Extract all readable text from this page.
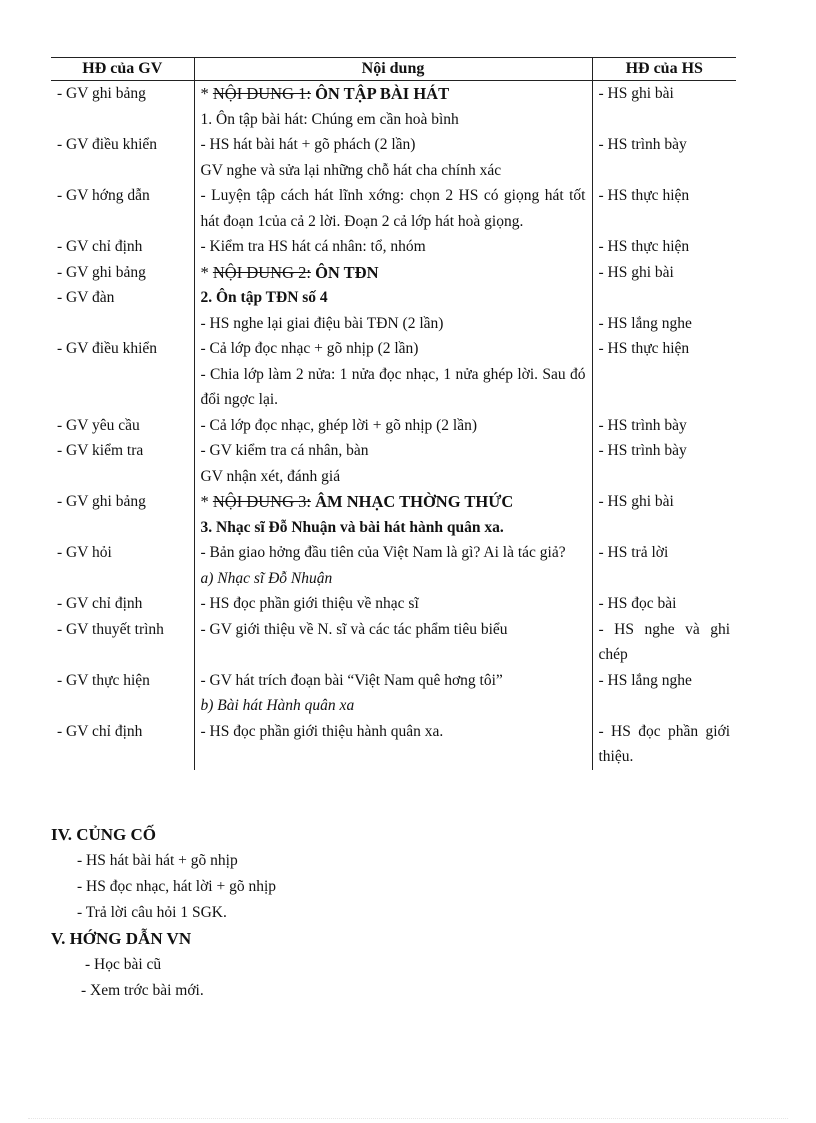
HĐ của GV	Nội dung	HĐ của HS
- GV ghi bảng	* NỘI DUNG 1: ÔN TẬP BÀI HÁT	- HS ghi bài
	1. Ôn tập bài hát: Chúng em cần hoà bình	
- GV điều khiển	- HS hát bài hát + gõ phách (2 lần)	- HS trình bày
	GV nghe và sửa lại những chỗ hát cha chính xác	
- GV hớng dẫn	- Luyện tập cách hát lĩnh xớng: chọn 2 HS có giọng hát tốt hát đoạn 1của cả 2 lời. Đoạn 2 cả lớp hát hoà giọng.	- HS thực hiện
- GV chỉ định	- Kiểm tra HS hát cá nhân: tổ, nhóm	- HS thực hiện
- GV ghi bảng	* NỘI DUNG 2: ÔN TĐN	- HS ghi bài
- GV đàn	2. Ôn tập TĐN số 4	
	- HS nghe lại giai điệu bài TĐN (2 lần)	- HS lắng nghe
- GV điều khiển	- Cả lớp đọc nhạc + gõ nhịp (2 lần)	- HS thực hiện
	- Chia lớp làm 2 nửa: 1 nửa đọc nhạc, 1 nửa ghép lời. Sau đó đổi ngợc lại.	
- GV yêu cầu	- Cả lớp đọc nhạc, ghép lời + gõ nhịp (2 lần)	- HS trình bày
- GV kiểm tra	- GV kiểm tra cá nhân, bàn	- HS trình bày
	GV nhận xét, đánh giá	
- GV ghi bảng	* NỘI DUNG 3: ÂM NHẠC THỜNG THỨC	- HS ghi bài
	3. Nhạc sĩ Đỗ Nhuận và bài hát hành quân xa.	
- GV hỏi	- Bản giao hởng đầu tiên của Việt Nam là gì? Ai là tác giả?	- HS trả lời
	a) Nhạc sĩ Đỗ Nhuận	
- GV chỉ định	- HS đọc phần giới thiệu về nhạc sĩ	- HS đọc bài
- GV thuyết trình	- GV giới thiệu về N. sĩ và các tác phẩm tiêu biểu	- HS nghe và ghi chép
- GV thực hiện	- GV hát trích đoạn bài “Việt Nam quê hơng tôi”	- HS lắng nghe
	b) Bài hát Hành quân xa	
- GV chỉ định	- HS đọc phần giới thiệu hành quân xa.	- HS đọc phần giới thiệu.
IV. CỦNG CỐ
- HS hát bài hát + gõ nhịp
- HS đọc nhạc, hát lời + gõ nhịp
- Trả lời câu hỏi 1 SGK.
V. HỚNG DẪN VN
- Học bài cũ
- Xem trớc bài mới.
